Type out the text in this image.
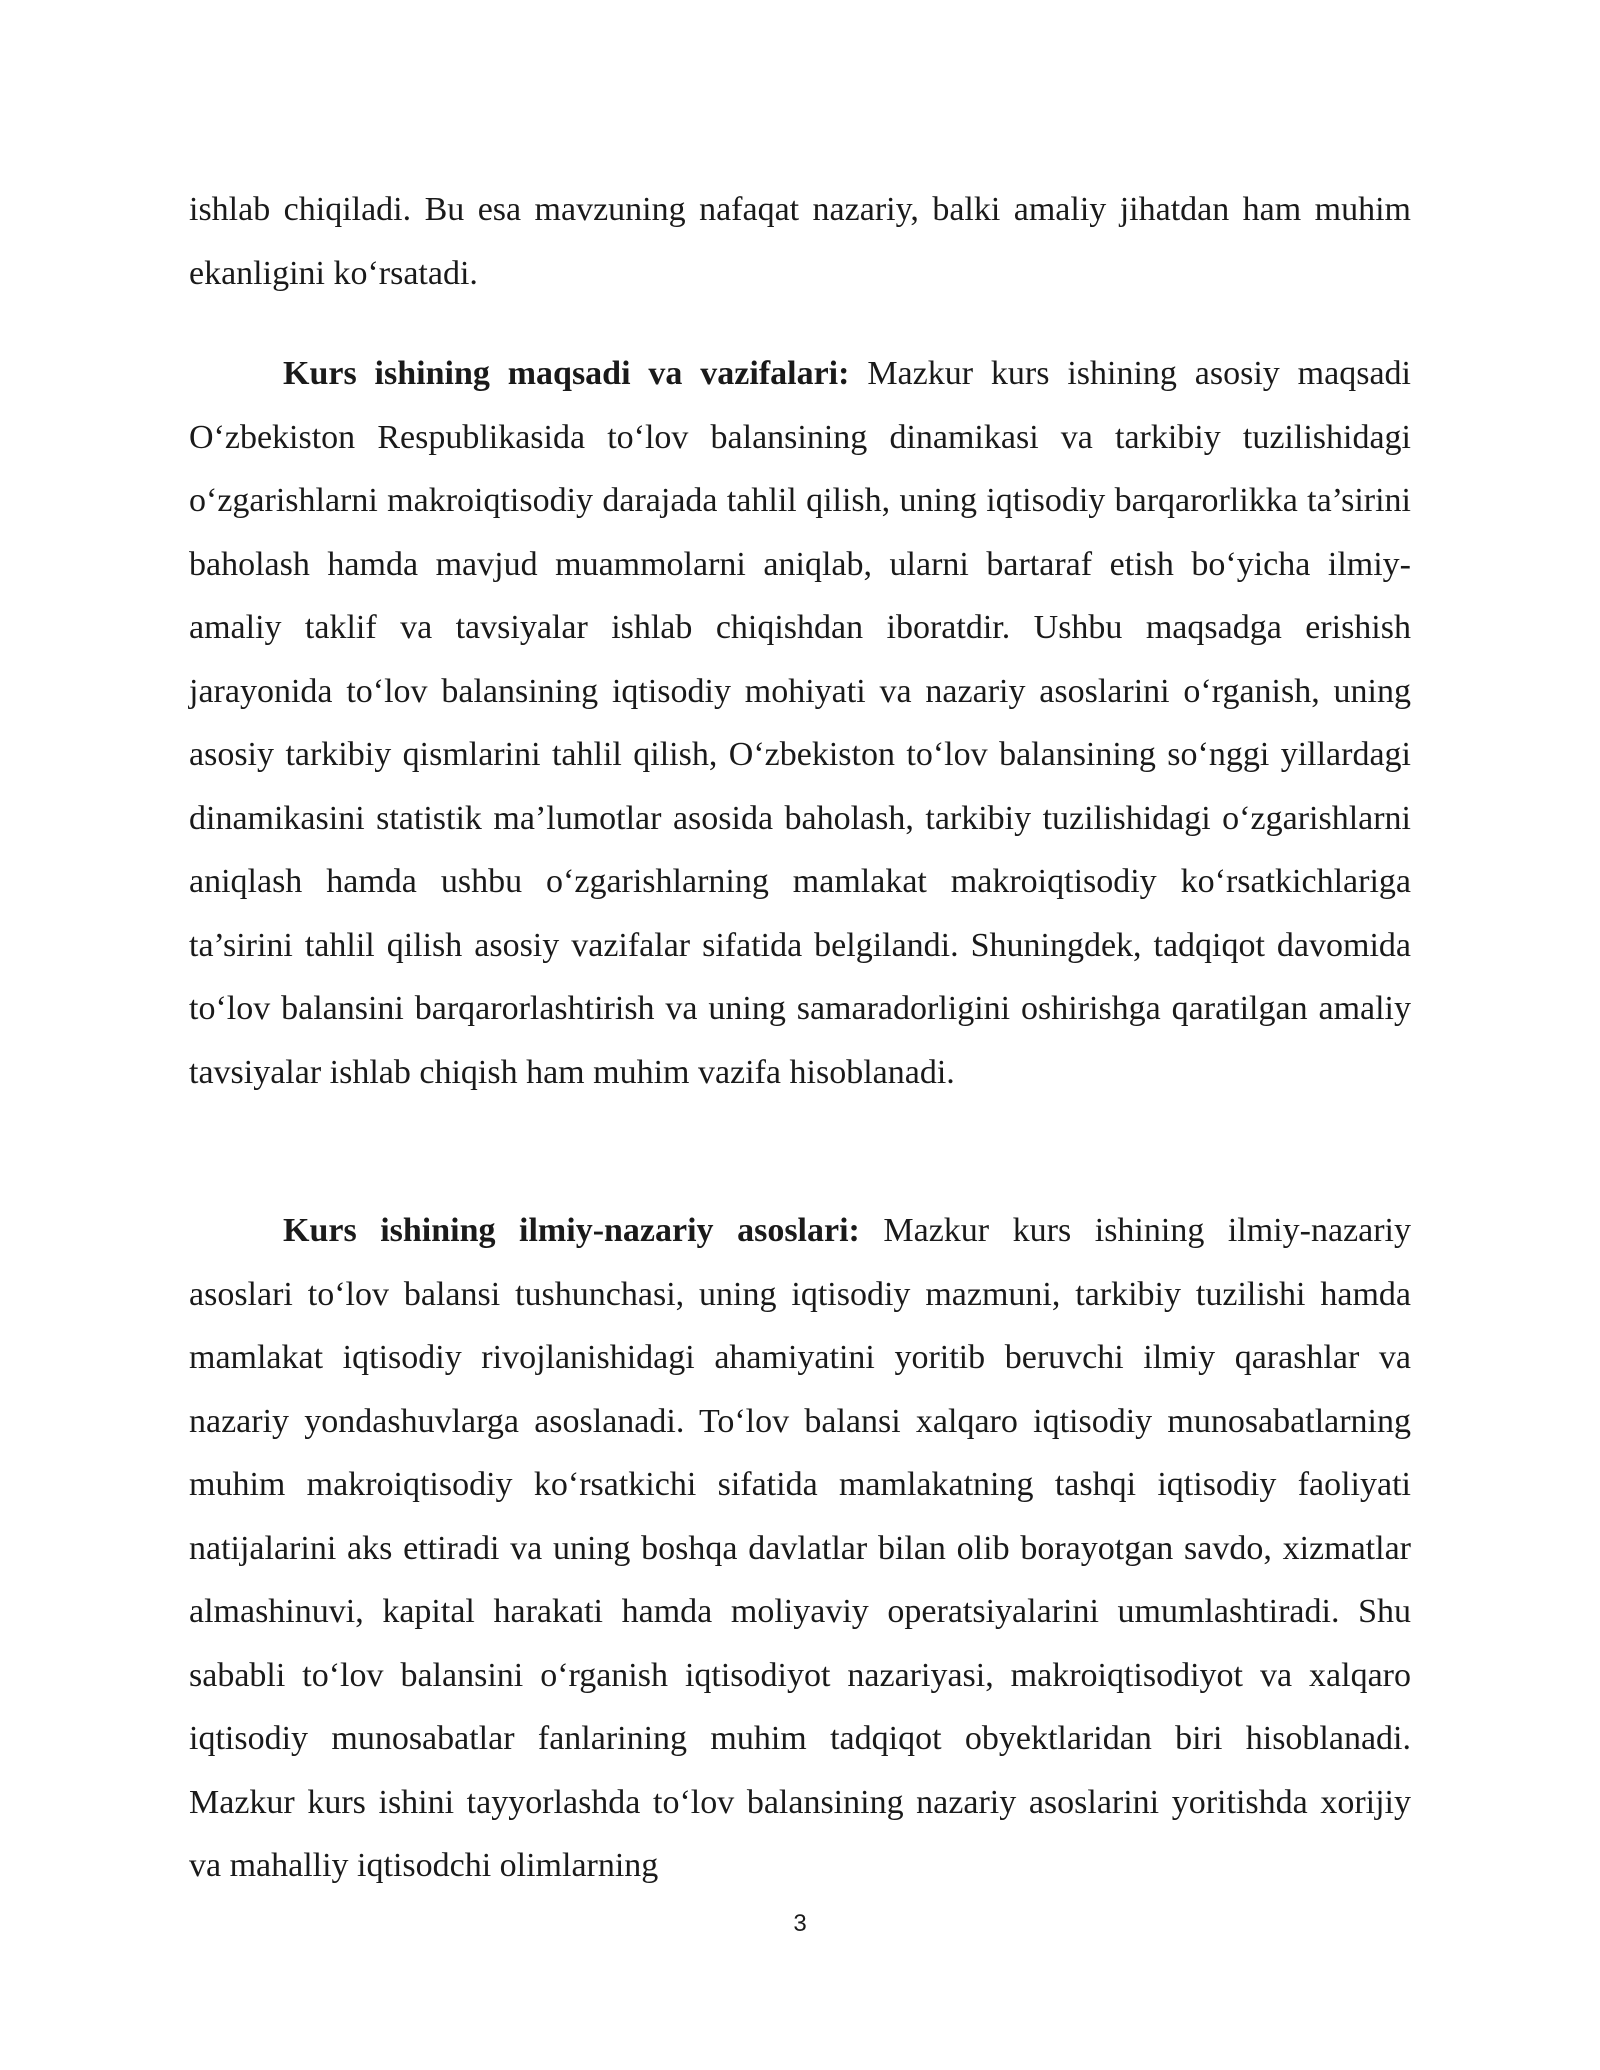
ishlab chiqiladi. Bu esa mavzuning nafaqat nazariy, balki amaliy jihatdan ham muhim ekanligini ko‘rsatadi.

Kurs ishining maqsadi va vazifalari: Mazkur kurs ishining asosiy maqsadi O‘zbekiston Respublikasida to‘lov balansining dinamikasi va tarkibiy tuzilishidagi o‘zgarishlarni makroiqtisodiy darajada tahlil qilish, uning iqtisodiy barqarorlikka ta’sirini baholash hamda mavjud muammolarni aniqlab, ularni bartaraf etish bo‘yicha ilmiy-amaliy taklif va tavsiyalar ishlab chiqishdan iboratdir. Ushbu maqsadga erishish jarayonida to‘lov balansining iqtisodiy mohiyati va nazariy asoslarini o‘rganish, uning asosiy tarkibiy qismlarini tahlil qilish, O‘zbekiston to‘lov balansining so‘nggi yillardagi dinamikasini statistik ma’lumotlar asosida baholash, tarkibiy tuzilishidagi o‘zgarishlarni aniqlash hamda ushbu o‘zgarishlarning mamlakat makroiqtisodiy ko‘rsatkichlariga ta’sirini tahlil qilish asosiy vazifalar sifatida belgilandi. Shuningdek, tadqiqot davomida to‘lov balansini barqarorlashtirish va uning samaradorligini oshirishga qaratilgan amaliy tavsiyalar ishlab chiqish ham muhim vazifa hisoblanadi.

Kurs ishining ilmiy-nazariy asoslari: Mazkur kurs ishining ilmiy-nazariy asoslari to‘lov balansi tushunchasi, uning iqtisodiy mazmuni, tarkibiy tuzilishi hamda mamlakat iqtisodiy rivojlanishidagi ahamiyatini yoritib beruvchi ilmiy qarashlar va nazariy yondashuvlarga asoslanadi. To‘lov balansi xalqaro iqtisodiy munosabatlarning muhim makroiqtisodiy ko‘rsatkichi sifatida mamlakatning tashqi iqtisodiy faoliyati natijalarini aks ettiradi va uning boshqa davlatlar bilan olib borayotgan savdo, xizmatlar almashinuvi, kapital harakati hamda moliyaviy operatsiyalarini umumlashtiradi. Shu sababli to‘lov balansini o‘rganish iqtisodiyot nazariyasi, makroiqtisodiyot va xalqaro iqtisodiy munosabatlar fanlarining muhim tadqiqot obyektlaridan biri hisoblanadi. Mazkur kurs ishini tayyorlashda to‘lov balansining nazariy asoslarini yoritishda xorijiy va mahalliy iqtisodchi olimlarning

3
